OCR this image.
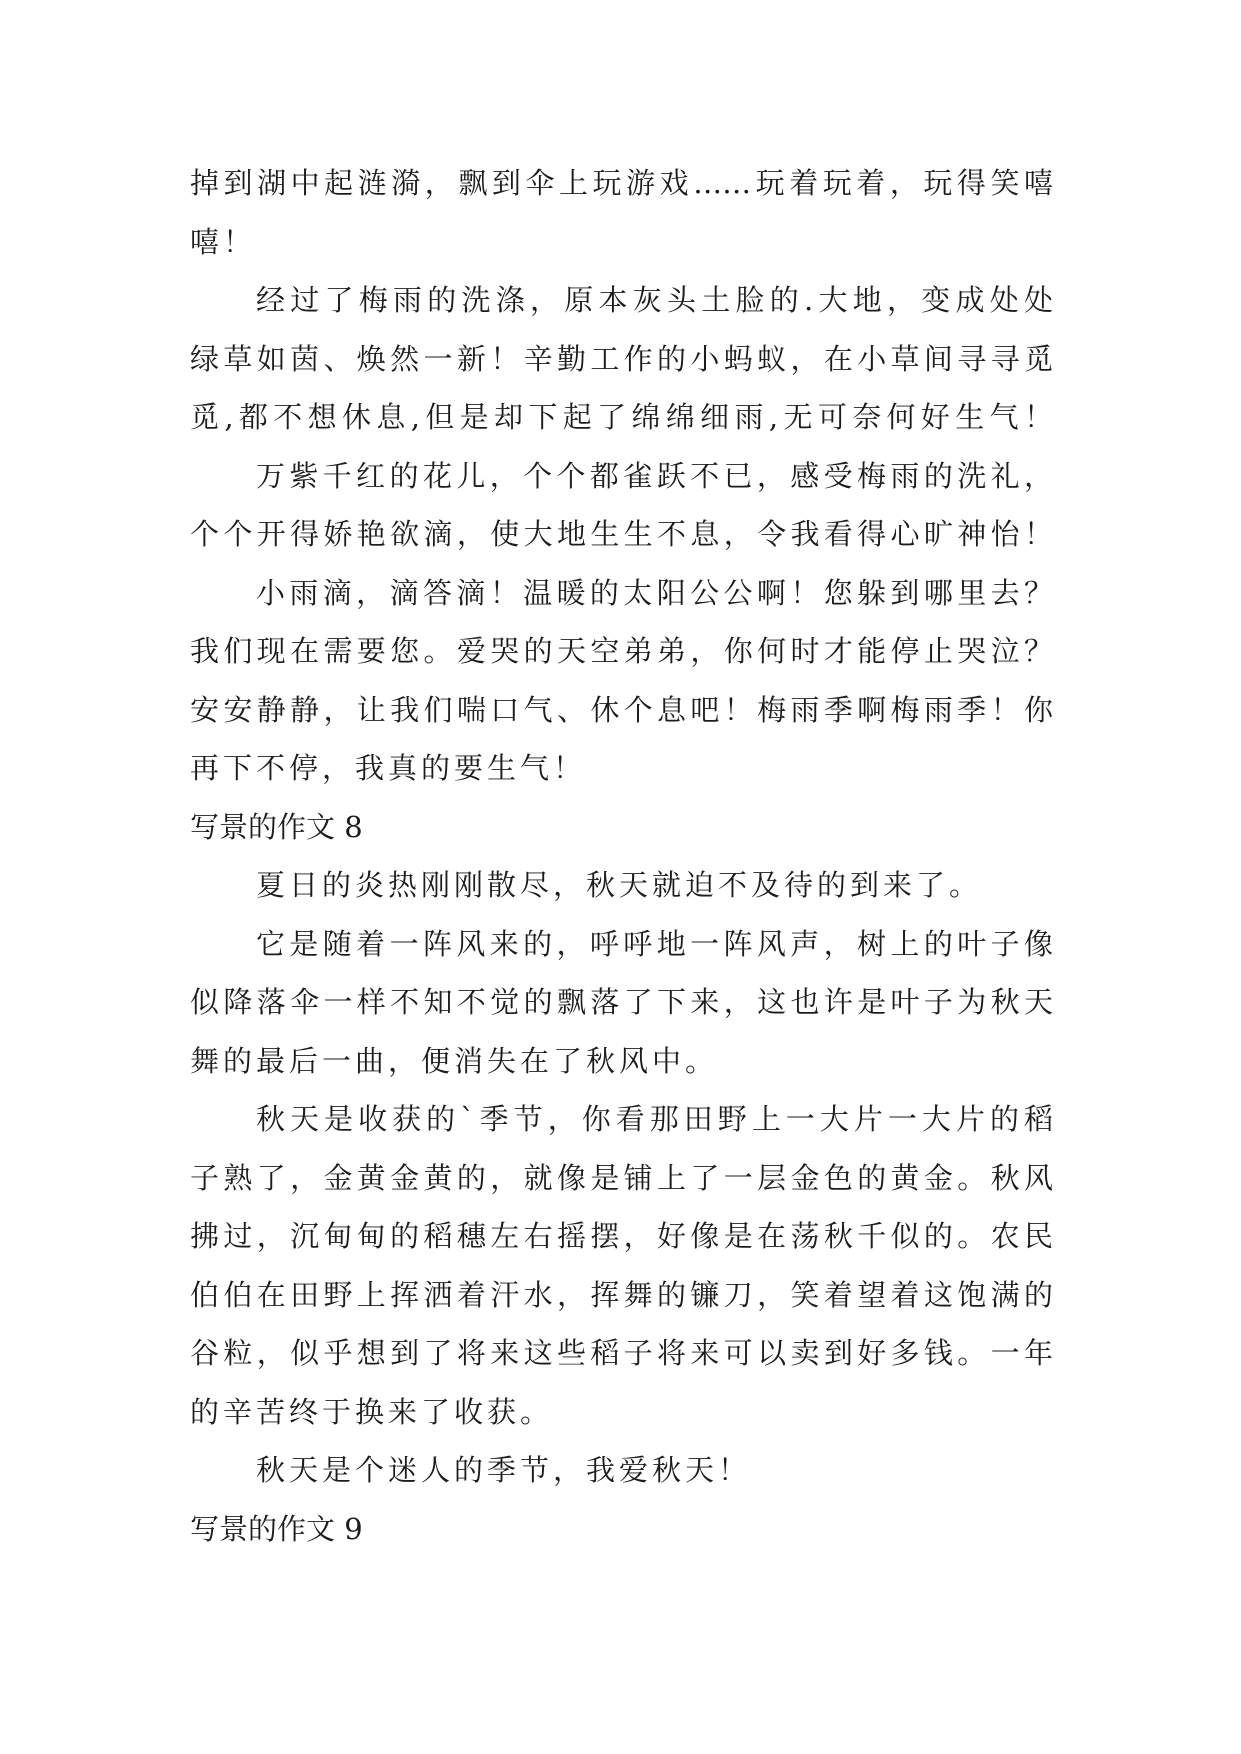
掉到湖中起涟漪，飘到伞上玩游戏……玩着玩着，玩得笑嘻
嘻！
经过了梅雨的洗涤，原本灰头土脸的.大地，变成处处
绿草如茵、焕然一新！辛勤工作的小蚂蚁，在小草间寻寻觅
觅,都不想休息,但是却下起了绵绵细雨,无可奈何好生气！
万紫千红的花儿，个个都雀跃不已，感受梅雨的洗礼，
个个开得娇艳欲滴，使大地生生不息，令我看得心旷神怡！
小雨滴，滴答滴！温暖的太阳公公啊！您躲到哪里去？
我们现在需要您。爱哭的天空弟弟，你何时才能停止哭泣？
安安静静，让我们喘口气、休个息吧！梅雨季啊梅雨季！你
再下不停，我真的要生气！
写景的作文 8
夏日的炎热刚刚散尽，秋天就迫不及待的到来了。
它是随着一阵风来的，呼呼地一阵风声，树上的叶子像
似降落伞一样不知不觉的飘落了下来，这也许是叶子为秋天
舞的最后一曲，便消失在了秋风中。
秋天是收获的`季节，你看那田野上一大片一大片的稻
子熟了，金黄金黄的，就像是铺上了一层金色的黄金。秋风
拂过，沉甸甸的稻穗左右摇摆，好像是在荡秋千似的。农民
伯伯在田野上挥洒着汗水，挥舞的镰刀，笑着望着这饱满的
谷粒，似乎想到了将来这些稻子将来可以卖到好多钱。一年
的辛苦终于换来了收获。
秋天是个迷人的季节，我爱秋天！
写景的作文 9
